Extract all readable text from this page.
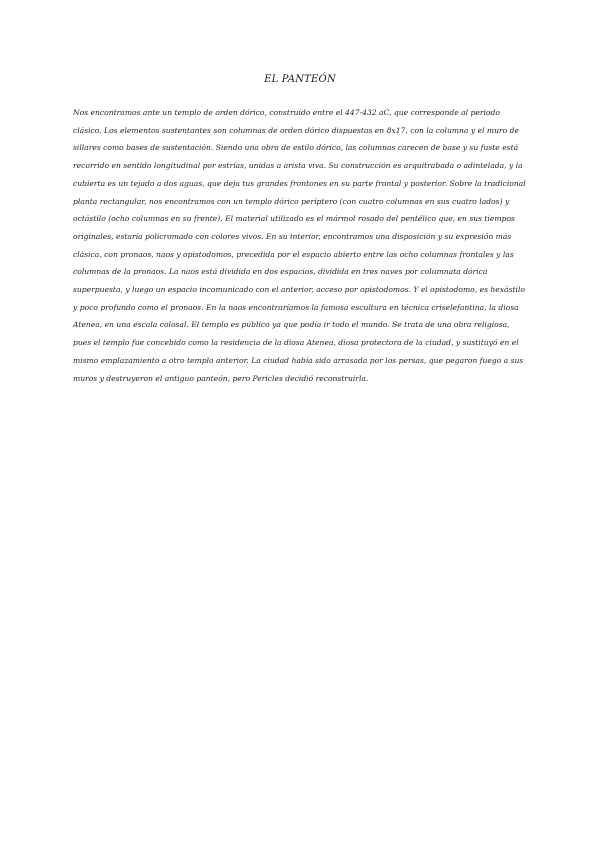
EL PANTEÓN

Nos encontramos ante un templo de orden dórico, construido entre el 447-432 aC, que corresponde al periodo clásico. Los elementos sustentantes son columnas de orden dórico dispuestas en 8x17, con la columna y el muro de sillares como bases de sustentación. Siendo una obra de estilo dórico, las columnas carecen de base y su fuste está recorrido en sentido longitudinal por estrías, unidas a arista viva. Su construcción es arquitrabada o adintelada, y la cubierta es un tejado a dos aguas, que deja tus grandes frontones en su parte frontal y posterior. Sobre la tradicional planta rectangular, nos encontramos con un templo dórico períptero (con cuatro columnas en sus cuatro lados) y octástilo (ocho columnas en su frente). El material utilizado es el mármol rosado del pentélico que, en sus tiempos originales, estaría policromado con colores vivos. En su interior, encontramos una disposición y su expresión más clásica, con pronaos, naos y opistodomos, precedida por el espacio abierto entre las ocho columnas frontales y las columnas de la pronaos. La naos está dividida en dos espacios, dividida en tres naves por columnata dórica superpuesta, y luego un espacio incomunicado con el anterior, acceso por opistodomos. Y el opistodomo, es hexástilo y poco profundo como el pronaos. En la naos encontraríamos la famosa escultura en técnica criselefantina, la diosa Atenea, en una escala colosal. El templo es público ya que podía ir todo el mundo. Se trata de una obra religiosa, pues el templo fue concebido como la residencia de la diosa Atenea, diosa protectora de la ciudad, y sustituyó en el mismo emplazamiento a otro templo anterior. La ciudad había sido arrasada por los persas, que pegaron fuego a sus muros y destruyeron el antiguo panteón, pero Pericles decidió reconstruirla.
